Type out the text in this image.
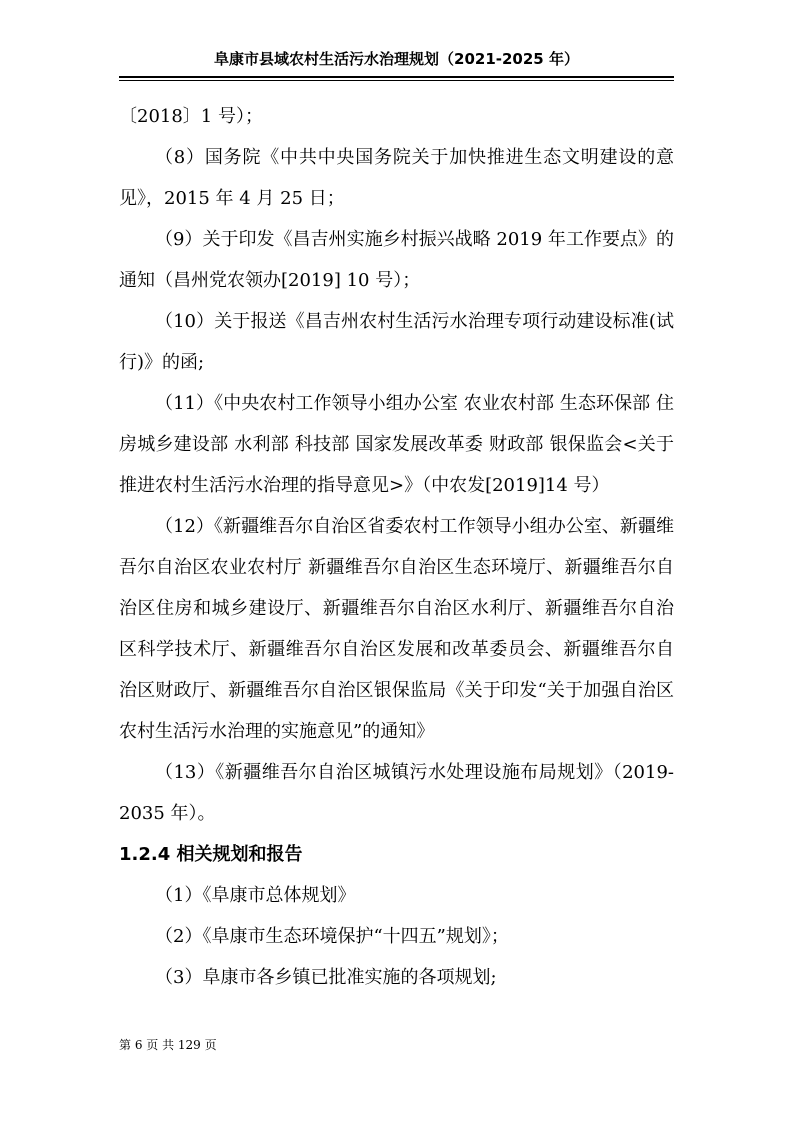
阜康市县域农村生活污水治理规划（2021-2025 年）

〔2018〕1 号）；

（8）国务院《中共中央国务院关于加快推进生态文明建设的意见》，2015 年 4 月 25 日；

（9）关于印发《昌吉州实施乡村振兴战略 2019 年工作要点》的通知（昌州党农领办[2019] 10 号）；

（10）关于报送《昌吉州农村生活污水治理专项行动建设标准(试行)》的函;

（11）《中央农村工作领导小组办公室 农业农村部 生态环保部 住房城乡建设部 水利部 科技部 国家发展改革委 财政部 银保监会<关于推进农村生活污水治理的指导意见>》（中农发[2019]14 号）

（12）《新疆维吾尔自治区省委农村工作领导小组办公室、新疆维吾尔自治区农业农村厅 新疆维吾尔自治区生态环境厅、新疆维吾尔自治区住房和城乡建设厅、新疆维吾尔自治区水利厅、新疆维吾尔自治区科学技术厅、新疆维吾尔自治区发展和改革委员会、新疆维吾尔自治区财政厅、新疆维吾尔自治区银保监局《关于印发“关于加强自治区农村生活污水治理的实施意见”的通知》

（13）《新疆维吾尔自治区城镇污水处理设施布局规划》（2019-2035 年）。

1.2.4 相关规划和报告

（1）《阜康市总体规划》

（2）《阜康市生态环境保护“十四五”规划》；

（3）阜康市各乡镇已批准实施的各项规划;

第 6 页 共 129 页
